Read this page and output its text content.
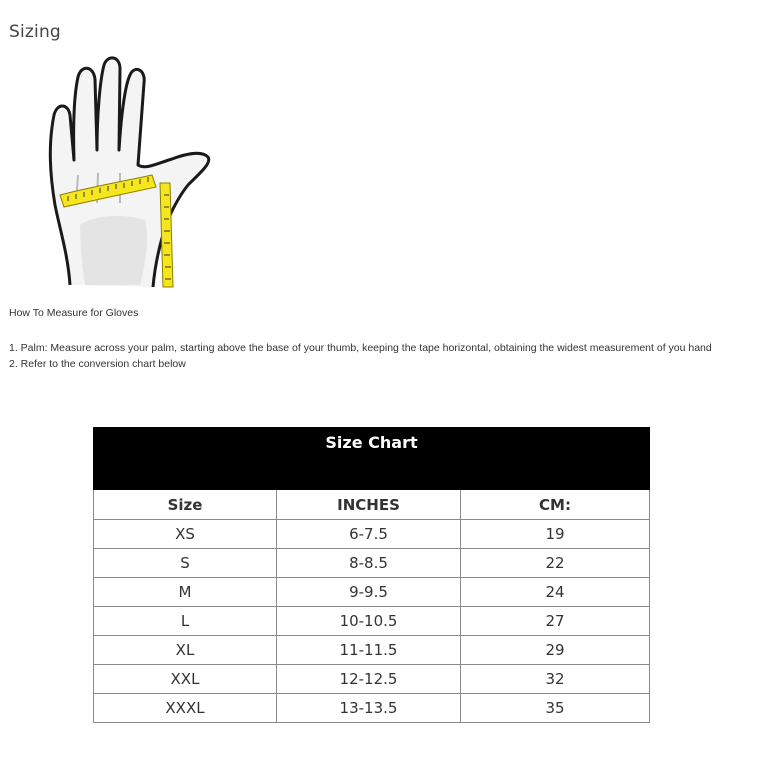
Sizing
How To Measure for Gloves
1. Palm: Measure across your palm, starting above the base of your thumb, keeping the tape horizontal, obtaining the widest measurement of you hand
2. Refer to the conversion chart below
Size Chart		
Size	INCHES	CM:
XS	6-7.5	19
S	8-8.5	22
M	9-9.5	24
L	10-10.5	27
XL	11-11.5	29
XXL	12-12.5	32
XXXL	13-13.5	35
